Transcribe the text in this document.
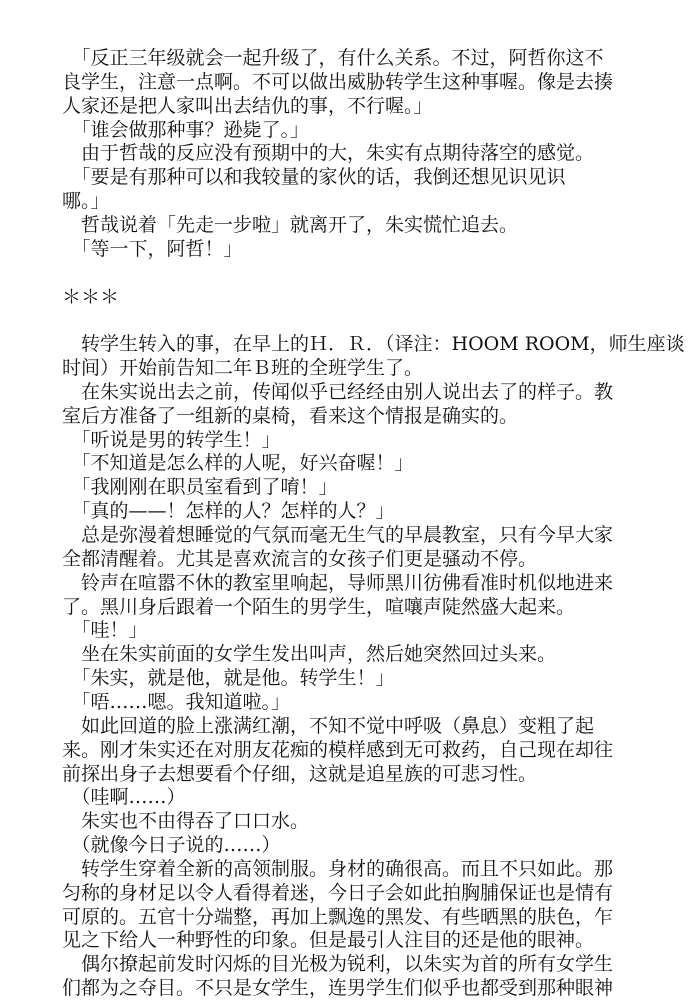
　「反正三年级就会一起升级了，有什么关系。不过，阿哲你这不
良学生，注意一点啊。不可以做出威胁转学生这种事喔。像是去揍
人家还是把人家叫出去结仇的事，不行喔。」
　「谁会做那种事？逊毙了。」
　由于哲哉的反应没有预期中的大，朱实有点期待落空的感觉。
　「要是有那种可以和我较量的家伙的话，我倒还想见识见识
哪。」
　哲哉说着「先走一步啦」就离开了，朱实慌忙追去。
　「等一下，阿哲！」
＊＊＊
　转学生转入的事，在早上的Ｈ．Ｒ．（译注：HOOM ROOM，师生座谈
时间）开始前告知二年Ｂ班的全班学生了。
　在朱实说出去之前，传闻似乎已经经由别人说出去了的样子。教
室后方准备了一组新的桌椅，看来这个情报是确实的。
　「听说是男的转学生！」
　「不知道是怎么样的人呢，好兴奋喔！」
　「我刚刚在职员室看到了唷！」
　「真的——！怎样的人？怎样的人？」
　总是弥漫着想睡觉的气氛而毫无生气的早晨教室，只有今早大家
全都清醒着。尤其是喜欢流言的女孩子们更是骚动不停。
　铃声在喧嚣不休的教室里响起，导师黑川彷佛看准时机似地进来
了。黑川身后跟着一个陌生的男学生，喧嚷声陡然盛大起来。
　「哇！」
　坐在朱实前面的女学生发出叫声，然后她突然回过头来。
　「朱实，就是他，就是他。转学生！」
　「唔……嗯。我知道啦。」
　如此回道的脸上涨满红潮，不知不觉中呼吸（鼻息）变粗了起
来。刚才朱实还在对朋友花痴的模样感到无可救药，自己现在却往
前探出身子去想要看个仔细，这就是追星族的可悲习性。
　（哇啊……）
　朱实也不由得吞了口口水。
　（就像今日子说的……）
　转学生穿着全新的高领制服。身材的确很高。而且不只如此。那
匀称的身材足以令人看得着迷，今日子会如此拍胸脯保证也是情有
可原的。五官十分端整，再加上飘逸的黑发、有些晒黑的肤色，乍
见之下给人一种野性的印象。但是最引人注目的还是他的眼神。
　偶尔撩起前发时闪烁的目光极为锐利，以朱实为首的所有女学生
们都为之夺目。不只是女学生，连男学生们似乎也都受到那种眼神
